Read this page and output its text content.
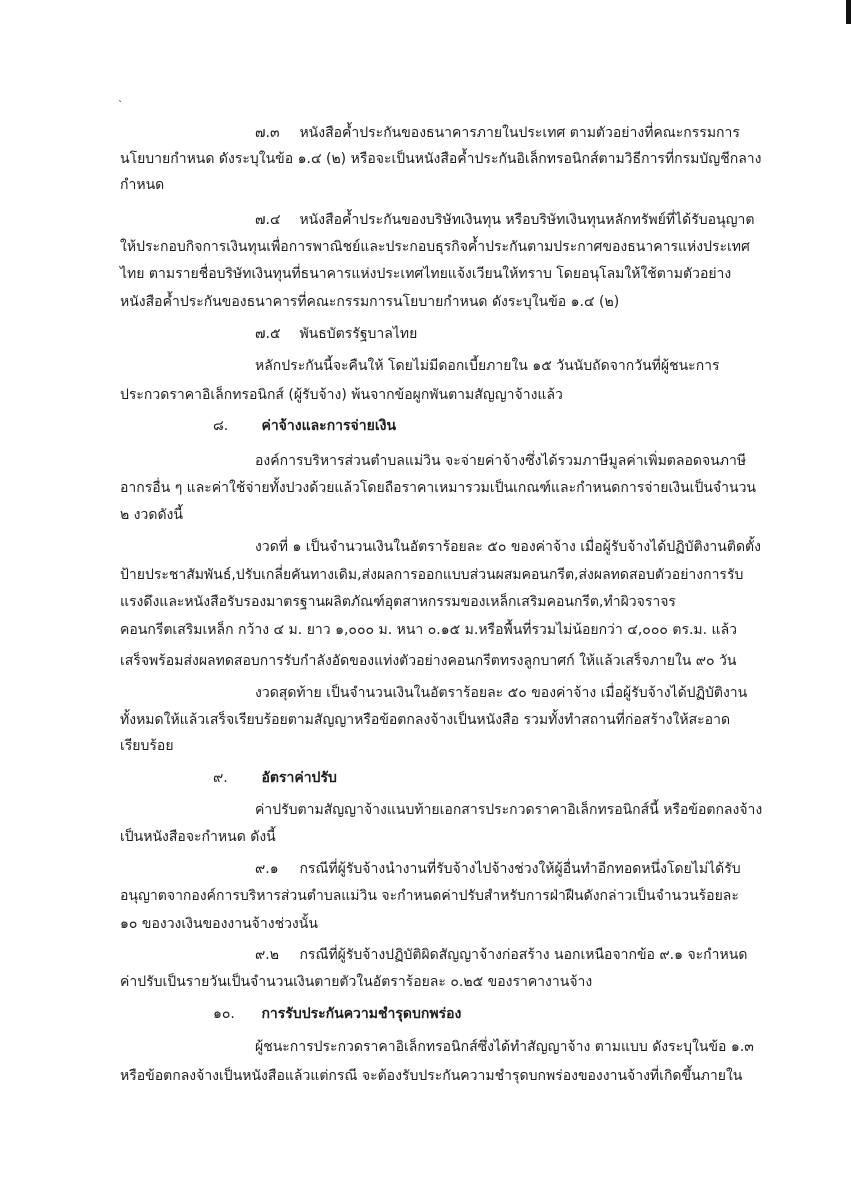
`
๗.๓ หนังสือค้ำประกันของธนาคารภายในประเทศ ตามตัวอย่างที่คณะกรรมการ
นโยบายกำหนด ดังระบุในข้อ ๑.๔ (๒) หรือจะเป็นหนังสือค้ำประกันอิเล็กทรอนิกส์ตามวิธีการที่กรมบัญชีกลาง
กำหนด
๗.๔ หนังสือค้ำประกันของบริษัทเงินทุน หรือบริษัทเงินทุนหลักทรัพย์ที่ได้รับอนุญาต
ให้ประกอบกิจการเงินทุนเพื่อการพาณิชย์และประกอบธุรกิจค้ำประกันตามประกาศของธนาคารแห่งประเทศ
ไทย ตามรายชื่อบริษัทเงินทุนที่ธนาคารแห่งประเทศไทยแจ้งเวียนให้ทราบ โดยอนุโลมให้ใช้ตามตัวอย่าง
หนังสือค้ำประกันของธนาคารที่คณะกรรมการนโยบายกำหนด ดังระบุในข้อ ๑.๔ (๒)
๗.๕ พันธบัตรรัฐบาลไทย
หลักประกันนี้จะคืนให้ โดยไม่มีดอกเบี้ยภายใน ๑๕ วันนับถัดจากวันที่ผู้ชนะการ
ประกวดราคาอิเล็กทรอนิกส์ (ผู้รับจ้าง) พ้นจากข้อผูกพันตามสัญญาจ้างแล้ว
๘. ค่าจ้างและการจ่ายเงิน
องค์การบริหารส่วนตำบลแม่วิน จะจ่ายค่าจ้างซึ่งได้รวมภาษีมูลค่าเพิ่มตลอดจนภาษี
อากรอื่น ๆ และค่าใช้จ่ายทั้งปวงด้วยแล้วโดยถือราคาเหมารวมเป็นเกณฑ์และกำหนดการจ่ายเงินเป็นจำนวน
๒ งวดดังนี้
งวดที่ ๑ เป็นจำนวนเงินในอัตราร้อยละ ๕๐ ของค่าจ้าง เมื่อผู้รับจ้างได้ปฏิบัติงานติดตั้ง
ป้ายประชาสัมพันธ์,ปรับเกลี่ยคันทางเดิม,ส่งผลการออกแบบส่วนผสมคอนกรีต,ส่งผลทดสอบตัวอย่างการรับ
แรงดึงและหนังสือรับรองมาตรฐานผลิตภัณฑ์อุตสาหกรรมของเหล็กเสริมคอนกรีต,ทำผิวจราจร
คอนกรีตเสริมเหล็ก กว้าง ๔ ม. ยาว ๑,๐๐๐ ม. หนา ๐.๑๕ ม.หรือพื้นที่รวมไม่น้อยกว่า ๔,๐๐๐ ตร.ม. แล้ว
เสร็จพร้อมส่งผลทดสอบการรับกำลังอัดของแท่งตัวอย่างคอนกรีตทรงลูกบาศก์ ให้แล้วเสร็จภายใน ๙๐ วัน
งวดสุดท้าย เป็นจำนวนเงินในอัตราร้อยละ ๕๐ ของค่าจ้าง เมื่อผู้รับจ้างได้ปฏิบัติงาน
ทั้งหมดให้แล้วเสร็จเรียบร้อยตามสัญญาหรือข้อตกลงจ้างเป็นหนังสือ รวมทั้งทำสถานที่ก่อสร้างให้สะอาด
เรียบร้อย
๙. อัตราค่าปรับ
ค่าปรับตามสัญญาจ้างแนบท้ายเอกสารประกวดราคาอิเล็กทรอนิกส์นี้ หรือข้อตกลงจ้าง
เป็นหนังสือจะกำหนด ดังนี้
๙.๑ กรณีที่ผู้รับจ้างนำงานที่รับจ้างไปจ้างช่วงให้ผู้อื่นทำอีกทอดหนึ่งโดยไม่ได้รับ
อนุญาตจากองค์การบริหารส่วนตำบลแม่วิน จะกำหนดค่าปรับสำหรับการฝ่าฝืนดังกล่าวเป็นจำนวนร้อยละ
๑๐ ของวงเงินของงานจ้างช่วงนั้น
๙.๒ กรณีที่ผู้รับจ้างปฏิบัติผิดสัญญาจ้างก่อสร้าง นอกเหนือจากข้อ ๙.๑ จะกำหนด
ค่าปรับเป็นรายวันเป็นจำนวนเงินตายตัวในอัตราร้อยละ ๐.๒๕ ของราคางานจ้าง
๑๐. การรับประกันความชำรุดบกพร่อง
ผู้ชนะการประกวดราคาอิเล็กทรอนิกส์ซึ่งได้ทำสัญญาจ้าง ตามแบบ ดังระบุในข้อ ๑.๓
หรือข้อตกลงจ้างเป็นหนังสือแล้วแต่กรณี จะต้องรับประกันความชำรุดบกพร่องของงานจ้างที่เกิดขึ้นภายใน
